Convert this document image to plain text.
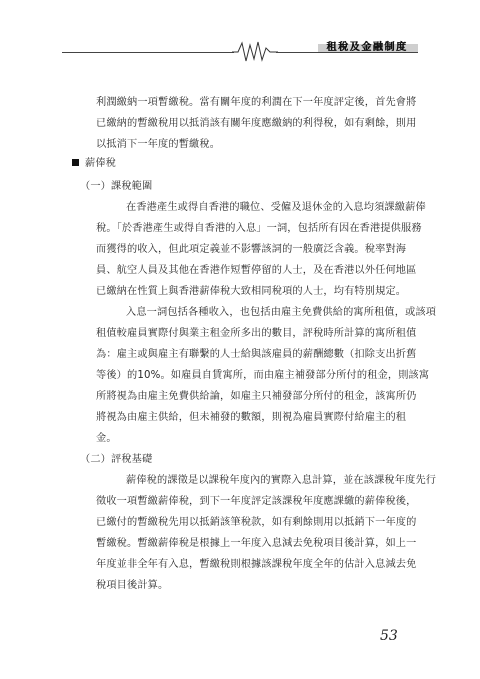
租稅及金融制度
利潤繳納一項暫繳稅。當有關年度的利潤在下一年度評定後，首先會將
已繳納的暫繳稅用以抵消該有關年度應繳納的利得稅，如有剩餘，則用
以抵消下一年度的暫繳稅。
薪俸稅
（一）課稅範圍
在香港產生或得自香港的職位、受僱及退休金的入息均須課繳薪俸
稅。「於香港產生或得自香港的入息」一詞，包括所有因在香港提供服務
而獲得的收入，但此項定義並不影響該詞的一般廣泛含義。稅率對海
員、航空人員及其他在香港作短暫停留的人士，及在香港以外任何地區
已繳納在性質上與香港薪俸稅大致相同稅項的人士，均有特別規定。
入息一詞包括各種收入，也包括由雇主免費供給的寓所租值，或該項
租值較雇員實際付與業主租金所多出的數目，評稅時所計算的寓所租值
為：雇主或與雇主有聯繫的人士給與該雇員的薪酬總數（扣除支出折舊
等後）的10%。如雇員自賃寓所，而由雇主補發部分所付的租金，則該寓
所將視為由雇主免費供給論，如雇主只補發部分所付的租金，該寓所仍
將視為由雇主供給，但未補發的數額，則視為雇員實際付給雇主的租
金。
（二）評稅基礎
薪俸稅的課徵是以課稅年度內的實際入息計算，並在該課稅年度先行
徵收一項暫繳薪俸稅，到下一年度評定該課稅年度應課繳的薪俸稅後，
已繳付的暫繳稅先用以抵銷該筆稅款，如有剩餘則用以抵銷下一年度的
暫繳稅。暫繳薪俸稅是根據上一年度入息減去免稅項目後計算，如上一
年度並非全年有入息，暫繳稅則根據該課稅年度全年的估計入息減去免
稅項目後計算。
53
